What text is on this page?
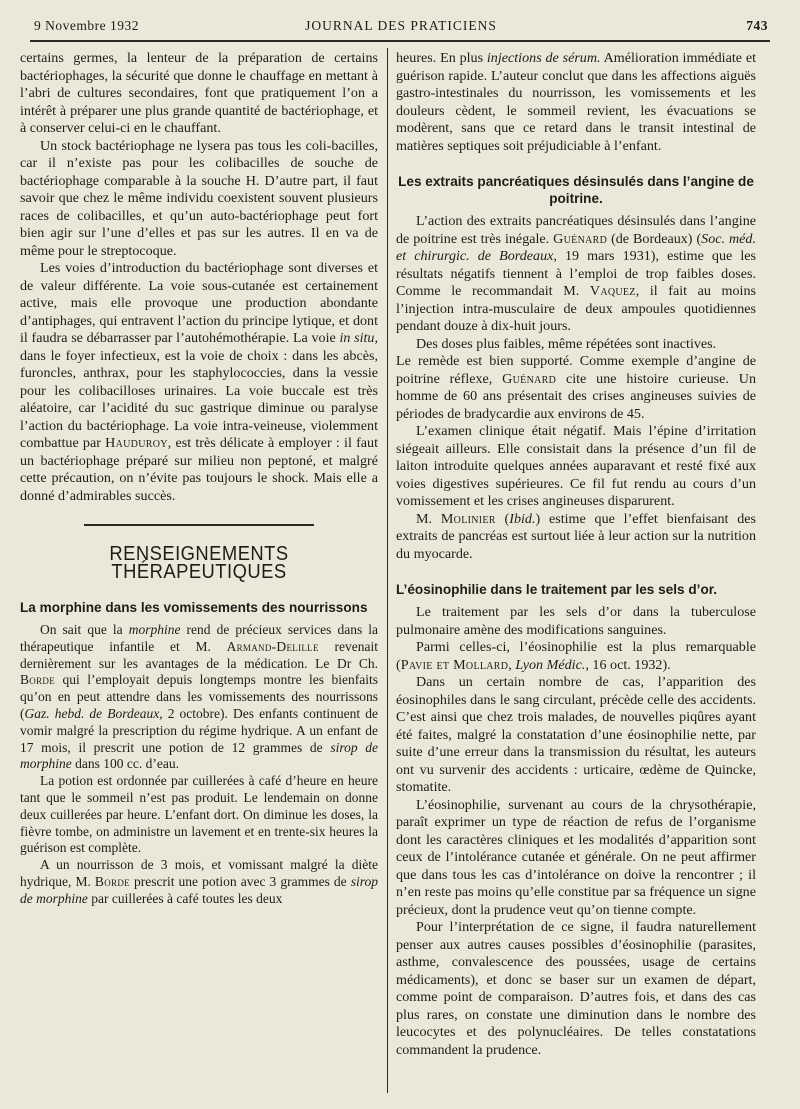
9 Novembre 1932	JOURNAL DES PRATICIENS	743

certains germes, la lenteur de la préparation de certains bactériophages, la sécurité que donne le chauffage en mettant à l’abri de cultures secondaires, font que pratiquement l’on a intérêt à préparer une plus grande quantité de bactériophage, et à conserver celui-ci en le chauffant.

Un stock bactériophage ne lysera pas tous les coli-bacilles, car il n’existe pas pour les colibacilles de souche de bactériophage comparable à la souche H. D’autre part, il faut savoir que chez le même individu coexistent souvent plusieurs races de colibacilles, et qu’un auto-bactériophage peut fort bien agir sur l’une d’elles et pas sur les autres. Il en va de même pour le streptocoque.

Les voies d’introduction du bactériophage sont diverses et de valeur différente. La voie sous-cutanée est certainement active, mais elle provoque une production abondante d’antiphages, qui entravent l’action du principe lytique, et dont il faudra se débarrasser par l’autohémothérapie. La voie in situ, dans le foyer infectieux, est la voie de choix : dans les abcès, furoncles, anthrax, pour les staphylococcies, dans la vessie pour les colibacilloses urinaires. La voie buccale est très aléatoire, car l’acidité du suc gastrique diminue ou paralyse l’action du bactériophage. La voie intra-veineuse, violemment combattue par Hauduroy, est très délicate à employer : il faut un bactériophage préparé sur milieu non peptoné, et malgré cette précaution, on n’évite pas toujours le shock. Mais elle a donné d’admirables succès.

RENSEIGNEMENTS THÉRAPEUTIQUES
La morphine dans les vomissements des nourrissons

On sait que la morphine rend de précieux services dans la thérapeutique infantile et M. Armand-Delille revenait dernièrement sur les avantages de la médication. Le Dr Ch. Borde qui l’employait depuis longtemps montre les bienfaits qu’on en peut attendre dans les vomissements des nourrissons (Gaz. hebd. de Bordeaux, 2 octobre). Des enfants continuent de vomir malgré la prescription du régime hydrique. A un enfant de 17 mois, il prescrit une potion de 12 grammes de sirop de morphine dans 100 cc. d’eau.

La potion est ordonnée par cuillerées à café d’heure en heure tant que le sommeil n’est pas produit. Le lendemain on donne deux cuillerées par heure. L’enfant dort. On diminue les doses, la fièvre tombe, on administre un lavement et en trente-six heures la guérison est complète.

A un nourrisson de 3 mois, et vomissant malgré la diète hydrique, M. Borde prescrit une potion avec 3 grammes de sirop de morphine par cuillerées à café toutes les deux

heures. En plus injections de sérum. Amélioration immédiate et guérison rapide. L’auteur conclut que dans les affections aiguës gastro-intestinales du nourrisson, les vomissements et les douleurs cèdent, le sommeil revient, les évacuations se modèrent, sans que ce retard dans le transit intestinal de matières septiques soit préjudiciable à l’enfant.

Les extraits pancréatiques désinsulés dans l’angine de poitrine.

L’action des extraits pancréatiques désinsulés dans l’angine de poitrine est très inégale. Guénard (de Bordeaux) (Soc. méd. et chirurgic. de Bordeaux, 19 mars 1931), estime que les résultats négatifs tiennent à l’emploi de trop faibles doses. Comme le recommandait M. Vaquez, il fait au moins l’injection intra-musculaire de deux ampoules quotidiennes pendant douze à dix-huit jours.

Des doses plus faibles, même répétées sont inactives.

Le remède est bien supporté. Comme exemple d’angine de poitrine réflexe, Guénard cite une histoire curieuse. Un homme de 60 ans présentait des crises angineuses suivies de périodes de bradycardie aux environs de 45.

L’examen clinique était négatif. Mais l’épine d’irritation siégeait ailleurs. Elle consistait dans la présence d’un fil de laiton introduite quelques années auparavant et resté fixé aux voies digestives supérieures. Ce fil fut rendu au cours d’un vomissement et les crises angineuses disparurent.

M. Molinier (Ibid.) estime que l’effet bienfaisant des extraits de pancréas est surtout liée à leur action sur la nutrition du myocarde.

L’éosinophilie dans le traitement par les sels d’or.

Le traitement par les sels d’or dans la tuberculose pulmonaire amène des modifications sanguines.

Parmi celles-ci, l’éosinophilie est la plus remarquable (Pavie et Mollard, Lyon Médic., 16 oct. 1932).

Dans un certain nombre de cas, l’apparition des éosinophiles dans le sang circulant, précède celle des accidents. C’est ainsi que chez trois malades, de nouvelles piqûres ayant été faites, malgré la constatation d’une éosinophilie nette, par suite d’une erreur dans la transmission du résultat, les auteurs ont vu survenir des accidents : urticaire, œdème de Quincke, stomatite.

L’éosinophilie, survenant au cours de la chrysothérapie, paraît exprimer un type de réaction de refus de l’organisme dont les caractères cliniques et les modalités d’apparition sont ceux de l’intolérance cutanée et générale. On ne peut affirmer que dans tous les cas d’intolérance on doive la rencontrer ; il n’en reste pas moins qu’elle constitue par sa fréquence un signe précieux, dont la prudence veut qu’on tienne compte.

Pour l’interprétation de ce signe, il faudra naturellement penser aux autres causes possibles d’éosinophilie (parasites, asthme, convalescence des poussées, usage de certains médicaments), et donc se baser sur un examen de départ, comme point de comparaison. D’autres fois, et dans des cas plus rares, on constate une diminution dans le nombre des leucocytes et des polynucléaires. De telles constatations commandent la prudence.
